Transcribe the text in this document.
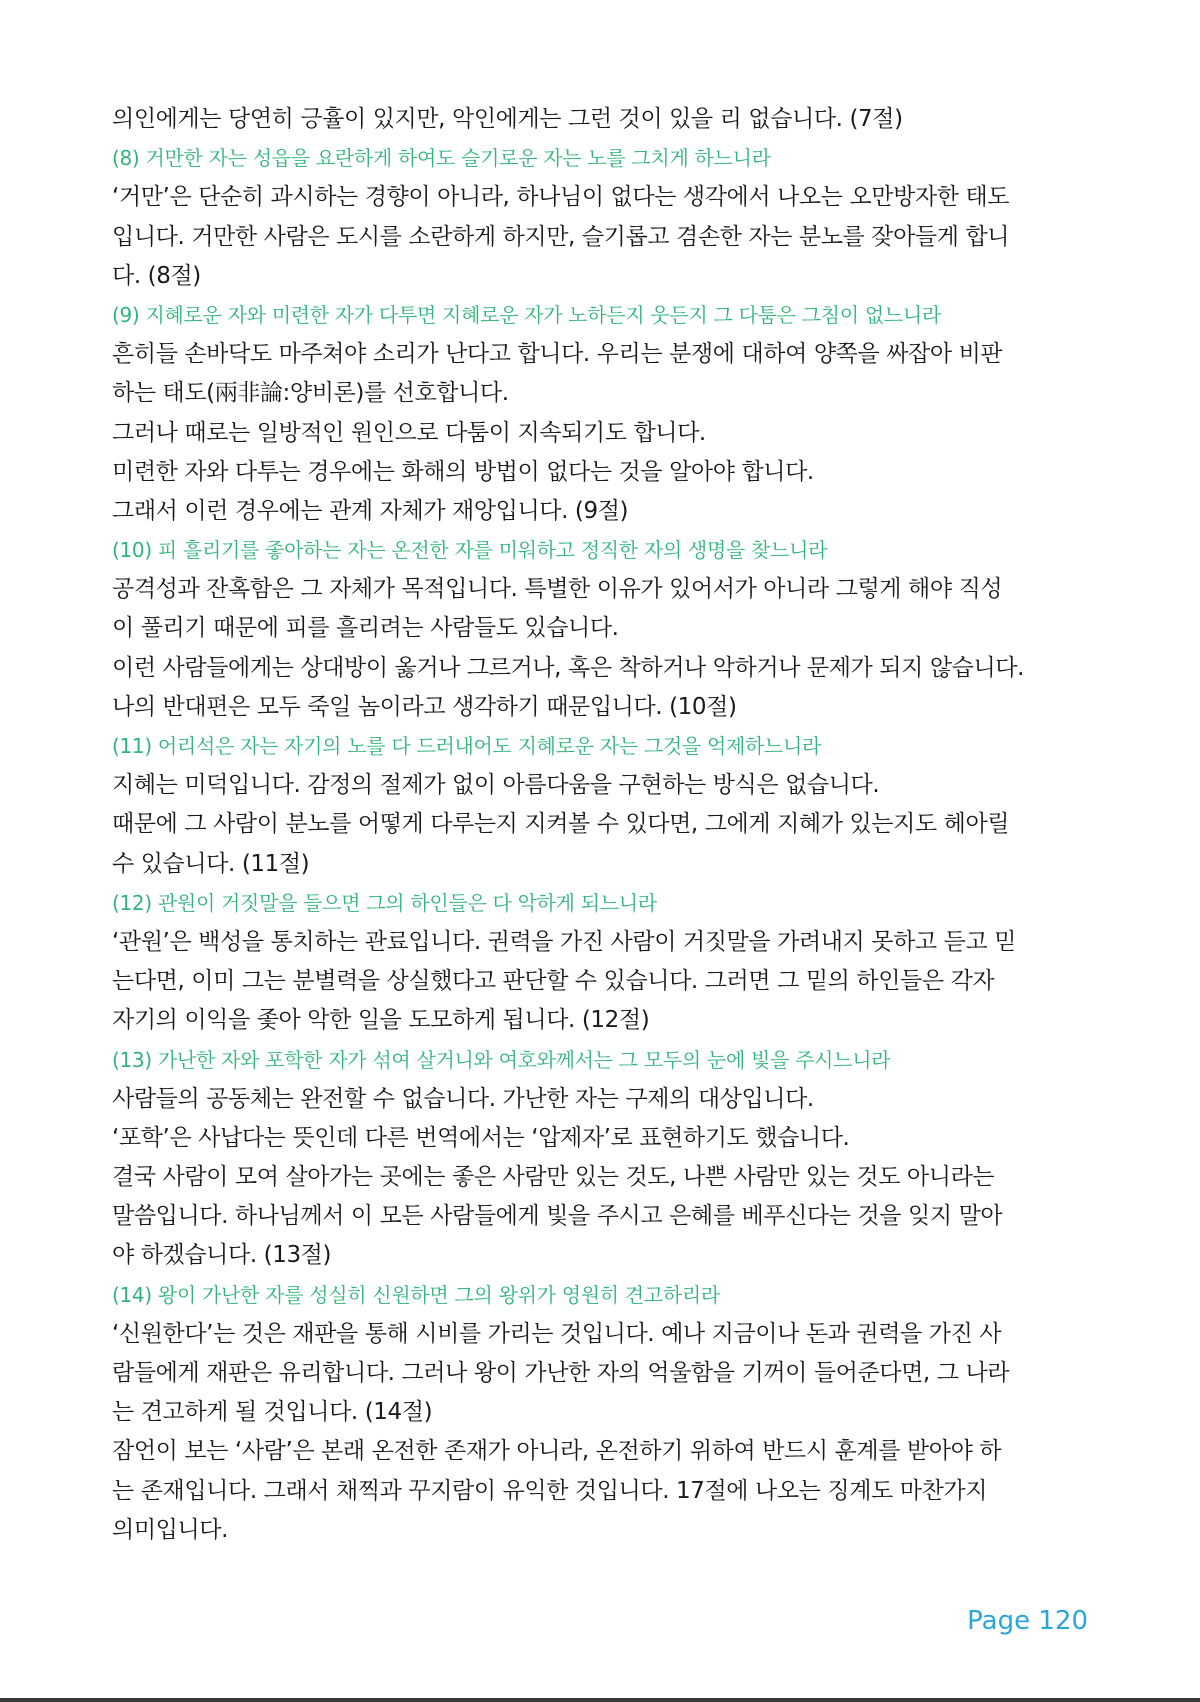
의인에게는 당연히 긍휼이 있지만, 악인에게는 그런 것이 있을 리 없습니다. (7절)
(8) 거만한 자는 성읍을 요란하게 하여도 슬기로운 자는 노를 그치게 하느니라
‘거만’은 단순히 과시하는 경향이 아니라, 하나님이 없다는 생각에서 나오는 오만방자한 태도
입니다. 거만한 사람은 도시를 소란하게 하지만, 슬기롭고 겸손한 자는 분노를 잦아들게 합니
다. (8절)
(9) 지혜로운 자와 미련한 자가 다투면 지혜로운 자가 노하든지 웃든지 그 다툼은 그침이 없느니라
흔히들 손바닥도 마주쳐야 소리가 난다고 합니다. 우리는 분쟁에 대하여 양쪽을 싸잡아 비판
하는 태도(兩非論:양비론)를 선호합니다.
그러나 때로는 일방적인 원인으로 다툼이 지속되기도 합니다.
미련한 자와 다투는 경우에는 화해의 방법이 없다는 것을 알아야 합니다.
그래서 이런 경우에는 관계 자체가 재앙입니다. (9절)
(10) 피 흘리기를 좋아하는 자는 온전한 자를 미워하고 정직한 자의 생명을 찾느니라
공격성과 잔혹함은 그 자체가 목적입니다. 특별한 이유가 있어서가 아니라 그렇게 해야 직성
이 풀리기 때문에 피를 흘리려는 사람들도 있습니다.
이런 사람들에게는 상대방이 옳거나 그르거나, 혹은 착하거나 악하거나 문제가 되지 않습니다.
나의 반대편은 모두 죽일 놈이라고 생각하기 때문입니다. (10절)
(11) 어리석은 자는 자기의 노를 다 드러내어도 지혜로운 자는 그것을 억제하느니라
지혜는 미덕입니다. 감정의 절제가 없이 아름다움을 구현하는 방식은 없습니다.
때문에 그 사람이 분노를 어떻게 다루는지 지켜볼 수 있다면, 그에게 지혜가 있는지도 헤아릴
수 있습니다. (11절)
(12) 관원이 거짓말을 들으면 그의 하인들은 다 악하게 되느니라
‘관원’은 백성을 통치하는 관료입니다. 권력을 가진 사람이 거짓말을 가려내지 못하고 듣고 믿
는다면, 이미 그는 분별력을 상실했다고 판단할 수 있습니다. 그러면 그 밑의 하인들은 각자
자기의 이익을 좇아 악한 일을 도모하게 됩니다. (12절)
(13) 가난한 자와 포학한 자가 섞여 살거니와 여호와께서는 그 모두의 눈에 빛을 주시느니라
사람들의 공동체는 완전할 수 없습니다. 가난한 자는 구제의 대상입니다.
‘포학’은 사납다는 뜻인데 다른 번역에서는 ‘압제자’로 표현하기도 했습니다.
결국 사람이 모여 살아가는 곳에는 좋은 사람만 있는 것도, 나쁜 사람만 있는 것도 아니라는
말씀입니다. 하나님께서 이 모든 사람들에게 빛을 주시고 은혜를 베푸신다는 것을 잊지 말아
야 하겠습니다. (13절)
(14) 왕이 가난한 자를 성실히 신원하면 그의 왕위가 영원히 견고하리라
‘신원한다’는 것은 재판을 통해 시비를 가리는 것입니다. 예나 지금이나 돈과 권력을 가진 사
람들에게 재판은 유리합니다. 그러나 왕이 가난한 자의 억울함을 기꺼이 들어준다면, 그 나라
는 견고하게 될 것입니다. (14절)
잠언이 보는 ‘사람’은 본래 온전한 존재가 아니라, 온전하기 위하여 반드시 훈계를 받아야 하
는 존재입니다. 그래서 채찍과 꾸지람이 유익한 것입니다. 17절에 나오는 징계도 마찬가지
의미입니다.
Page 120
